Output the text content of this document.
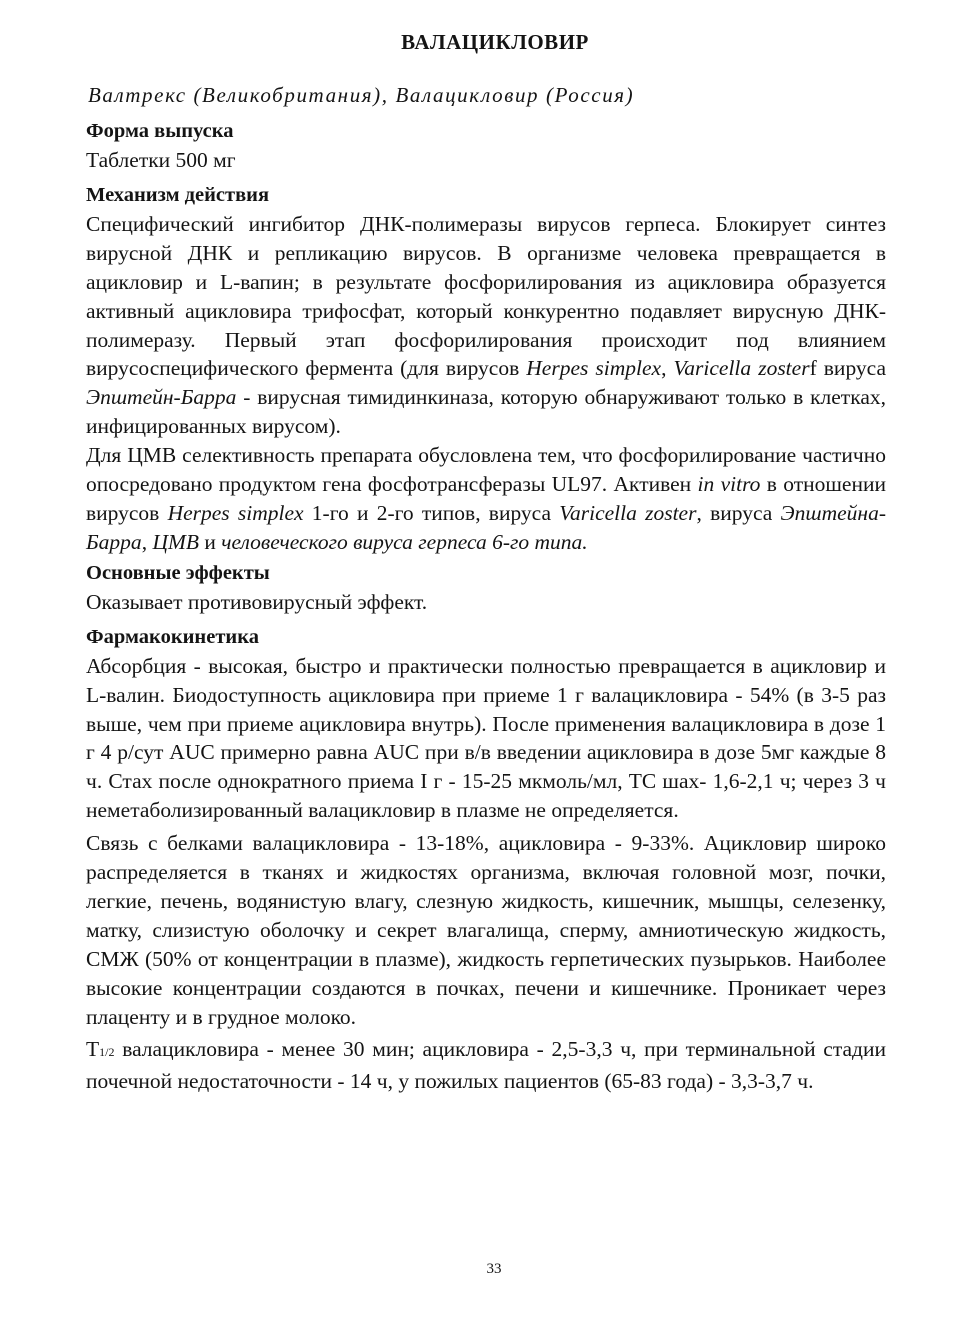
ВАЛАЦИКЛОВИР
Валтрекс (Великобритания), Валацикловир (Россия)
Форма выпуска

Таблетки 500 мг

Механизм действия

Специфический ингибитор ДНК-полимеразы вирусов герпеса. Блокирует синтез вирусной ДНК и репликацию вирусов. В организме человека превращается в ацикловир и L-вапин; в результате фосфорилирования из ацикловира образуется активный ацикловира трифосфат, который конкурентно подавляет вирусную ДНК-полимеразу. Первый этап фосфорилирования происходит под влиянием вирусоспецифического фермента (для вирусов Herpes simplex, Varicella zosterf вируса Эпштейн-Барра - вирусная тимидинкиназа, которую обнаруживают только в клетках, инфицированных вирусом).

Для ЦМВ селективность препарата обусловлена тем, что фосфорилирование частично опосредовано продуктом гена фосфотрансферазы UL97. Активен in vitro в отношении вирусов Herpes simplex 1-го и 2-го типов, вируса Varicella zoster, вируса Эпштейна-Барра, ЦМВ и человеческого вируса герпеса 6-го типа.

Основные эффекты

Оказывает противовирусный эффект.

Фармакокинетика

Абсорбция - высокая, быстро и практически полностью превращается в ацикловир и L-валин. Биодоступность ацикловира при приеме 1 г валацикловира - 54% (в 3-5 раз выше, чем при приеме ацикловира внутрь). После применения валацикловира в дозе 1 г 4 р/сут AUC примерно равна AUC при в/в введении ацикловира в дозе 5мг каждые 8 ч. Стах после однократного приема I г - 15-25 мкмоль/мл, TC шах- 1,6-2,1 ч; через 3 ч неметаболизированный валацикловир в плазме не определяется.

Связь с белками валацикловира - 13-18%, ацикловира - 9-33%. Ацикловир широко распределяется в тканях и жидкостях организма, включая головной мозг, почки, легкие, печень, водянистую влагу, слезную жидкость, кишечник, мышцы, селезенку, матку, слизистую оболочку и секрет влагалища, сперму, амниотическую жидкость, СМЖ (50% от концентрации в плазме), жидкость герпетических пузырьков. Наиболее высокие концентрации создаются в почках, печени и кишечнике. Проникает через плаценту и в грудное молоко.

Т1/2 валацикловира - менее 30 мин; ацикловира - 2,5-3,3 ч, при терминальной стадии почечной недостаточности - 14 ч, у пожилых пациентов (65-83 года) - 3,3-3,7 ч.

33
